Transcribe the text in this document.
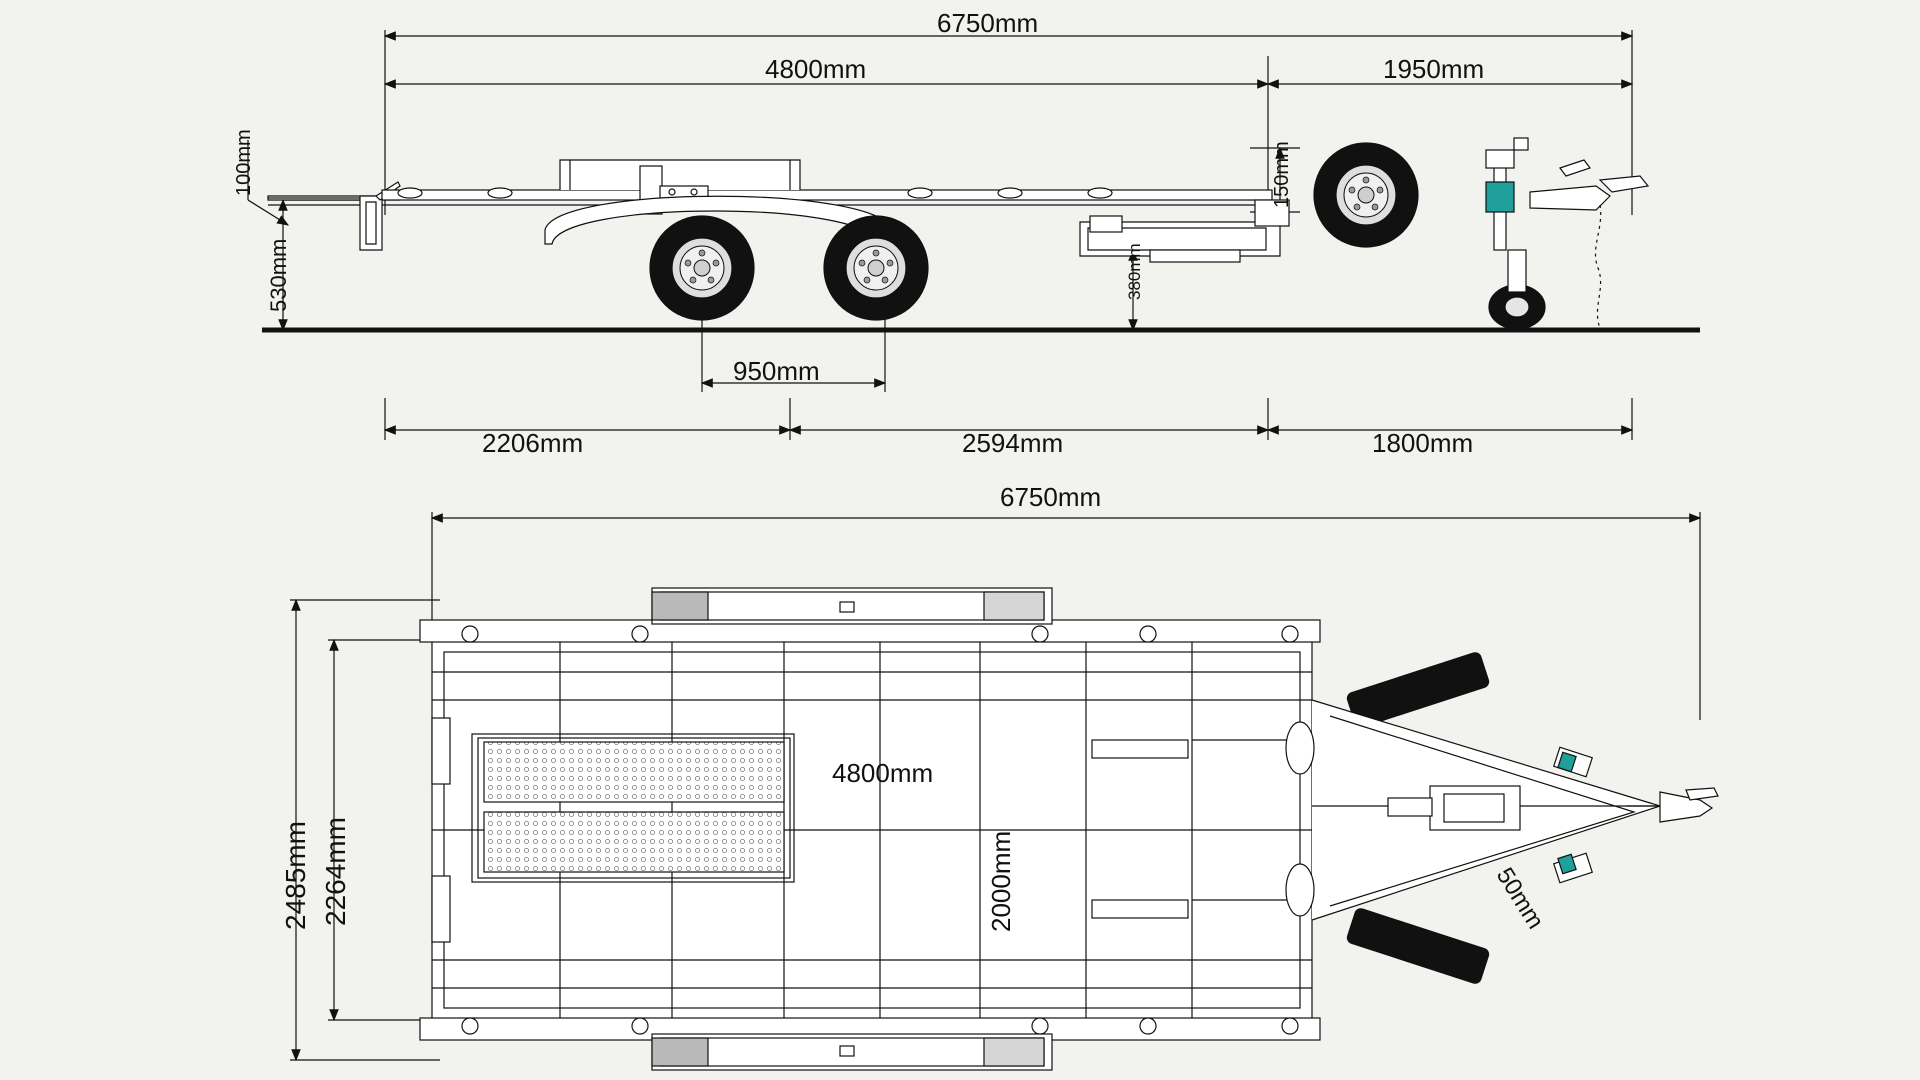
6750mm
4800mm	1950mm
100mm
530mm
150mm
380mm
950mm
2206mm	2594mm	1800mm
6750mm
2485mm 2264mm
4800mm
2000mm	50mm
